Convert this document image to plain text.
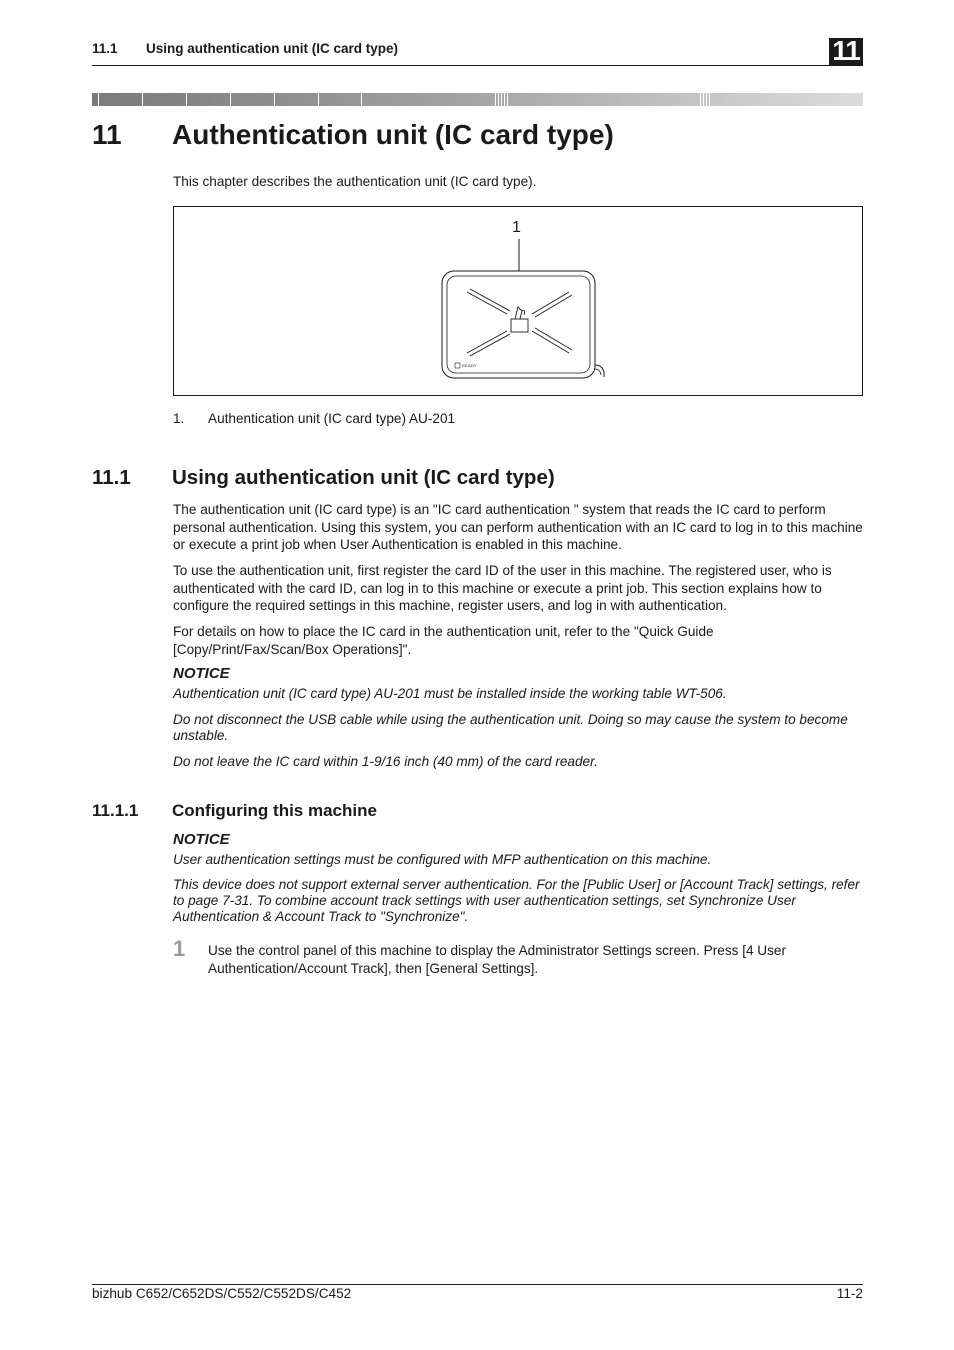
11.1 Using authentication unit (IC card type)	11
11 Authentication unit (IC card type)
This chapter describes the authentication unit (IC card type).
1
READY
1. Authentication unit (IC card type) AU-201
11.1 Using authentication unit (IC card type)
The authentication unit (IC card type) is an "IC card authentication " system that reads the IC card to perform personal authentication. Using this system, you can perform authentication with an IC card to log in to this machine or execute a print job when User Authentication is enabled in this machine.
To use the authentication unit, first register the card ID of the user in this machine. The registered user, who is authenticated with the card ID, can log in to this machine or execute a print job. This section explains how to configure the required settings in this machine, register users, and log in with authentication.
For details on how to place the IC card in the authentication unit, refer to the "Quick Guide [Copy/Print/Fax/Scan/Box Operations]".
NOTICE
Authentication unit (IC card type) AU-201 must be installed inside the working table WT-506.
Do not disconnect the USB cable while using the authentication unit. Doing so may cause the system to become unstable.
Do not leave the IC card within 1-9/16 inch (40 mm) of the card reader.
11.1.1 Configuring this machine
NOTICE
User authentication settings must be configured with MFP authentication on this machine.
This device does not support external server authentication. For the [Public User] or [Account Track] settings, refer to page 7-31. To combine account track settings with user authentication settings, set Synchronize User Authentication & Account Track to "Synchronize".
1 Use the control panel of this machine to display the Administrator Settings screen. Press [4 User Authentication/Account Track], then [General Settings].
bizhub C652/C652DS/C552/C552DS/C452	11-2
